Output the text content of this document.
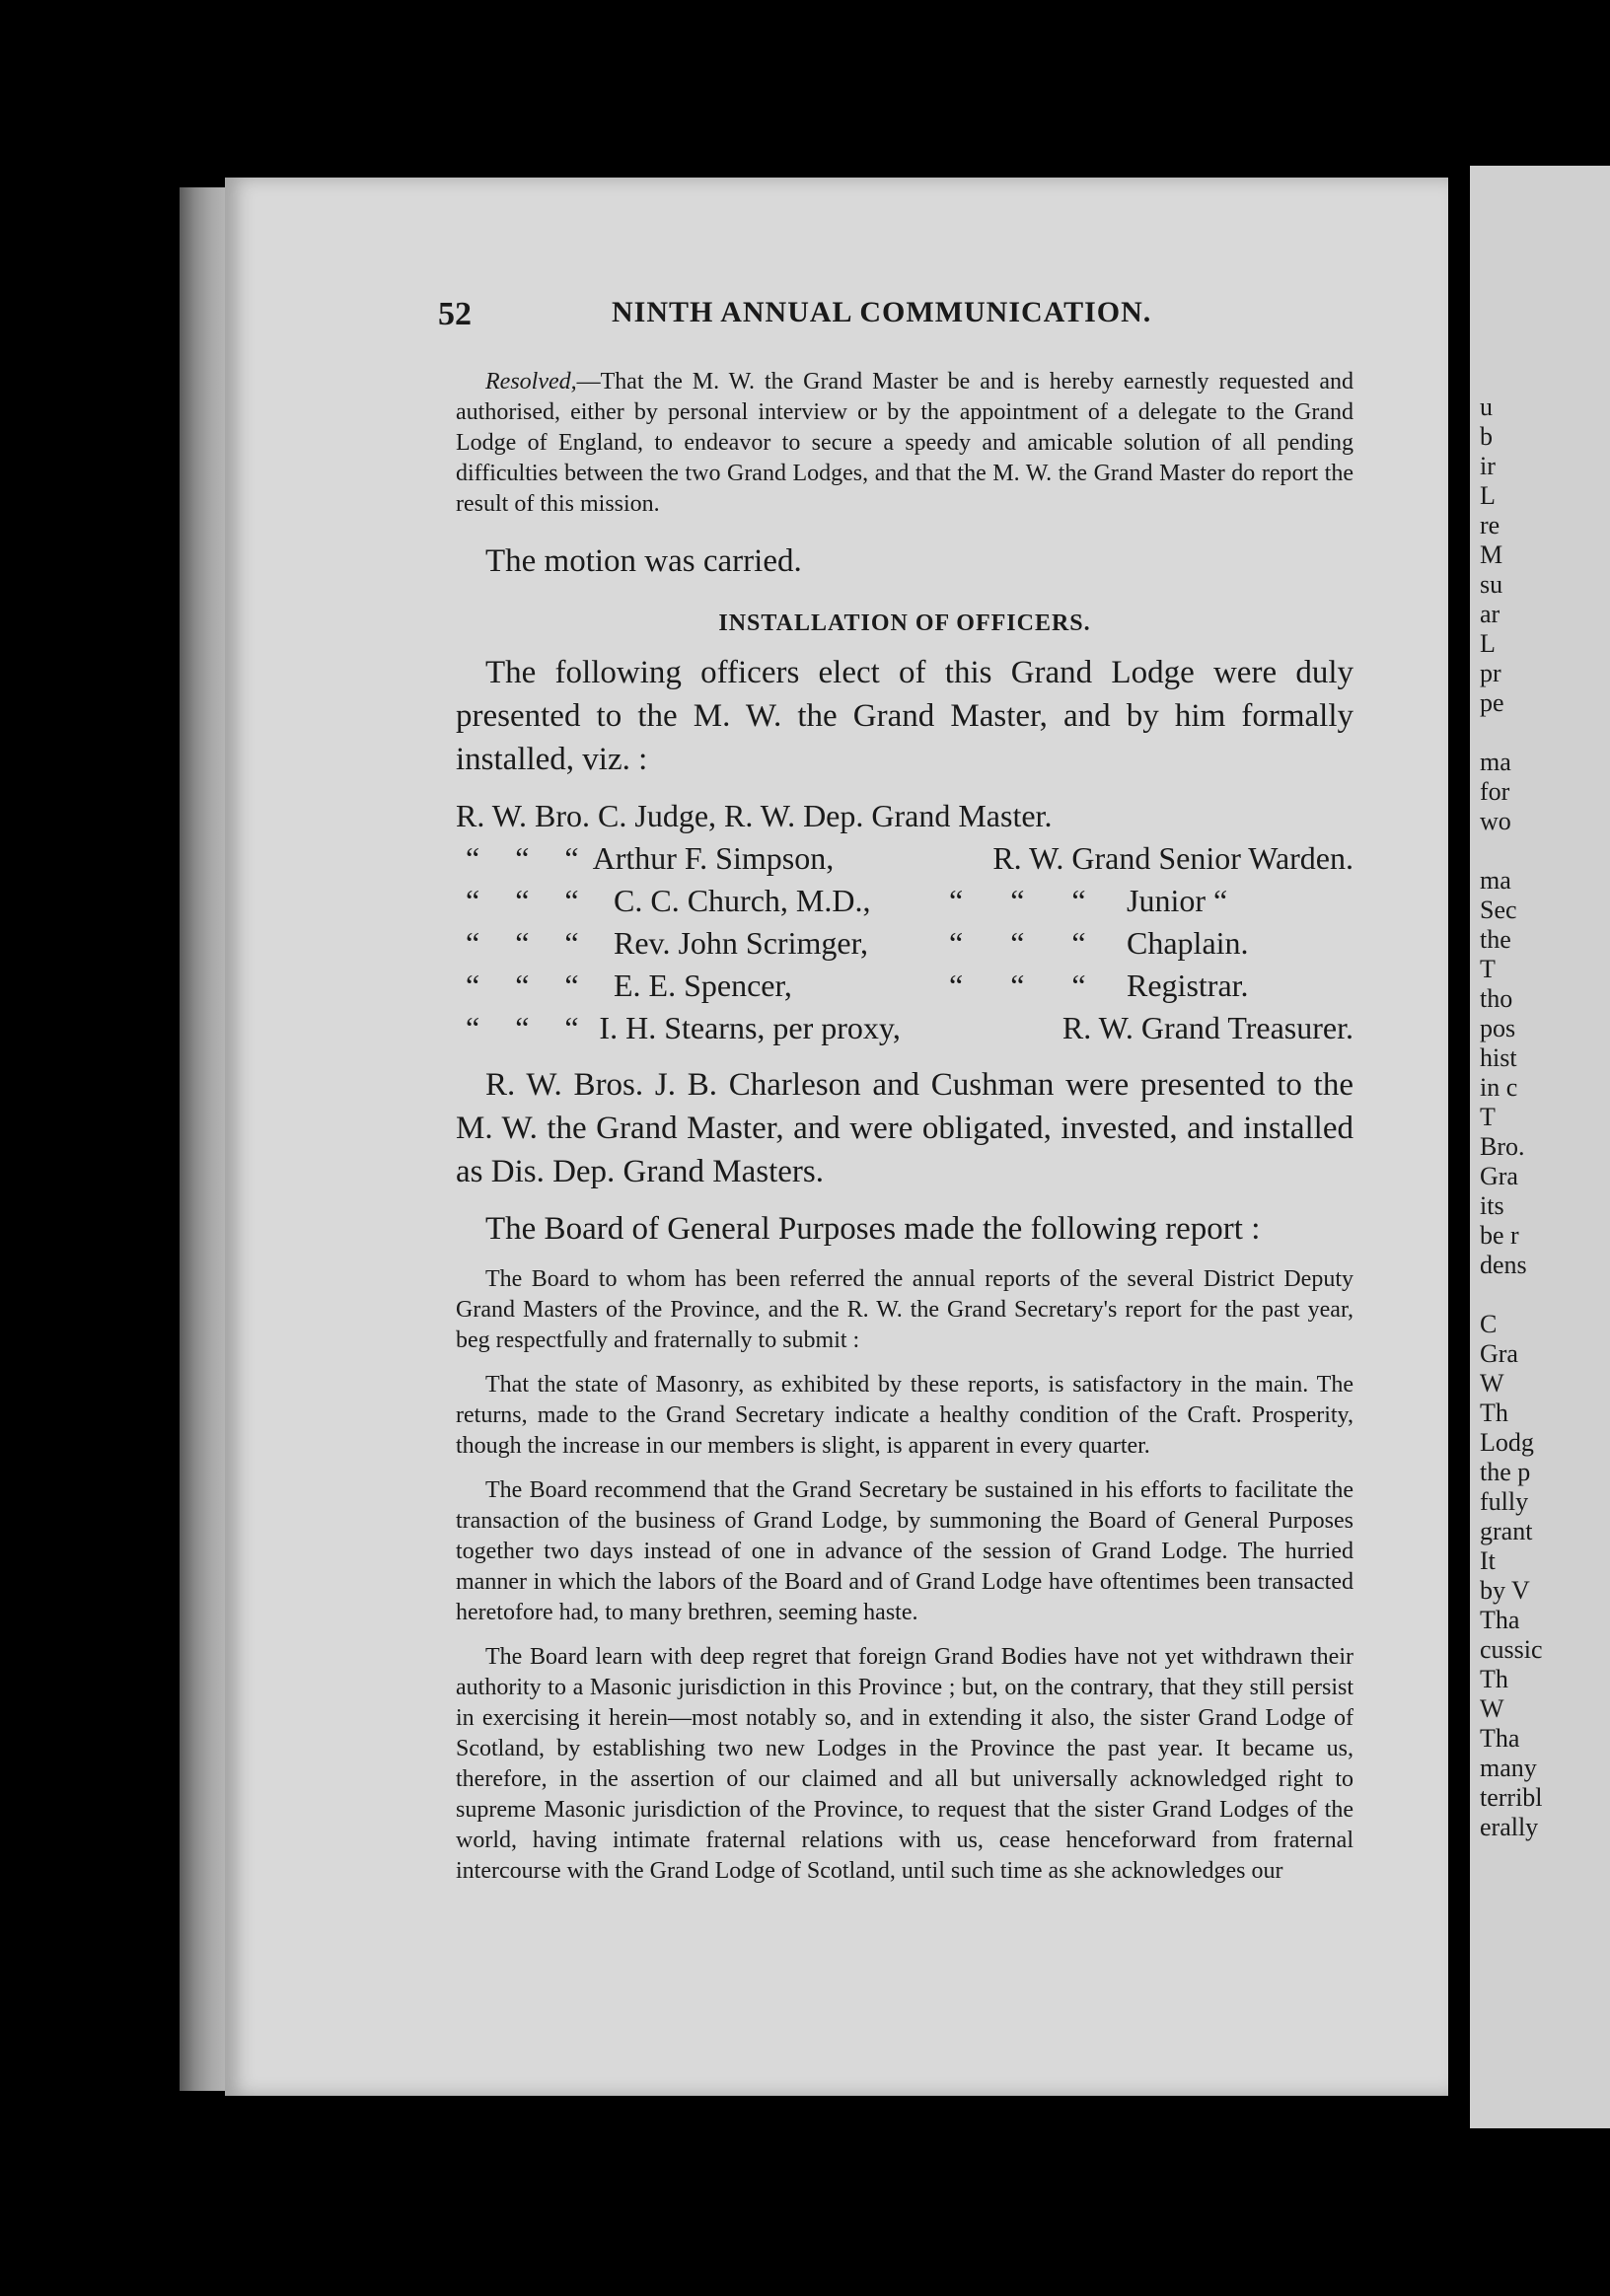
u
b
ir
L
re
M
su
ar
L
pr
pe

ma
for
wo

ma
Sec
the
T
tho
pos
hist
in c
T
Bro.
Gra
its
be r
dens

C
Gra
W
Th
Lodg
the p
fully
grant
It
by V
Tha
cussic
Th
W
Tha
many
terribl
erally
52	NINTH ANNUAL COMMUNICATION.

Resolved,—That the M. W. the Grand Master be and is hereby earnestly requested and authorised, either by personal interview or by the appointment of a delegate to the Grand Lodge of England, to endeavor to secure a speedy and amicable solution of all pending difficulties between the two Grand Lodges, and that the M. W. the Grand Master do report the result of this mission.

The motion was carried.

INSTALLATION OF OFFICERS.

The following officers elect of this Grand Lodge were duly presented to the M. W. the Grand Master, and by him formally installed, viz. :

R. W. Bro. C. Judge, R. W. Dep. Grand Master.
“ “ “ Arthur F. Simpson,	R. W. Grand Senior Warden.
“ “ “ C. C. Church, M.D.,	“ “ “ Junior “
“ “ “ Rev. John Scrimger,	“ “ “ Chaplain.
“ “ “ E. E. Spencer,	“ “ “ Registrar.
“ “ “ I. H. Stearns, per proxy,	R. W. Grand Treasurer.

R. W. Bros. J. B. Charleson and Cushman were presented to the M. W. the Grand Master, and were obligated, invested, and installed as Dis. Dep. Grand Masters.

The Board of General Purposes made the following report :

The Board to whom has been referred the annual reports of the several District Deputy Grand Masters of the Province, and the R. W. the Grand Secretary's report for the past year, beg respectfully and fraternally to submit :

That the state of Masonry, as exhibited by these reports, is satisfactory in the main. The returns, made to the Grand Secretary indicate a healthy condition of the Craft. Prosperity, though the increase in our members is slight, is apparent in every quarter.

The Board recommend that the Grand Secretary be sustained in his efforts to facilitate the transaction of the business of Grand Lodge, by summoning the Board of General Purposes together two days instead of one in advance of the session of Grand Lodge. The hurried manner in which the labors of the Board and of Grand Lodge have oftentimes been transacted heretofore had, to many brethren, seeming haste.

The Board learn with deep regret that foreign Grand Bodies have not yet withdrawn their authority to a Masonic jurisdiction in this Province ; but, on the contrary, that they still persist in exercising it herein—most notably so, and in extending it also, the sister Grand Lodge of Scotland, by establishing two new Lodges in the Province the past year. It became us, therefore, in the assertion of our claimed and all but universally acknowledged right to supreme Masonic jurisdiction of the Province, to request that the sister Grand Lodges of the world, having intimate fraternal relations with us, cease henceforward from fraternal intercourse with the Grand Lodge of Scotland, until such time as she acknowledges our
